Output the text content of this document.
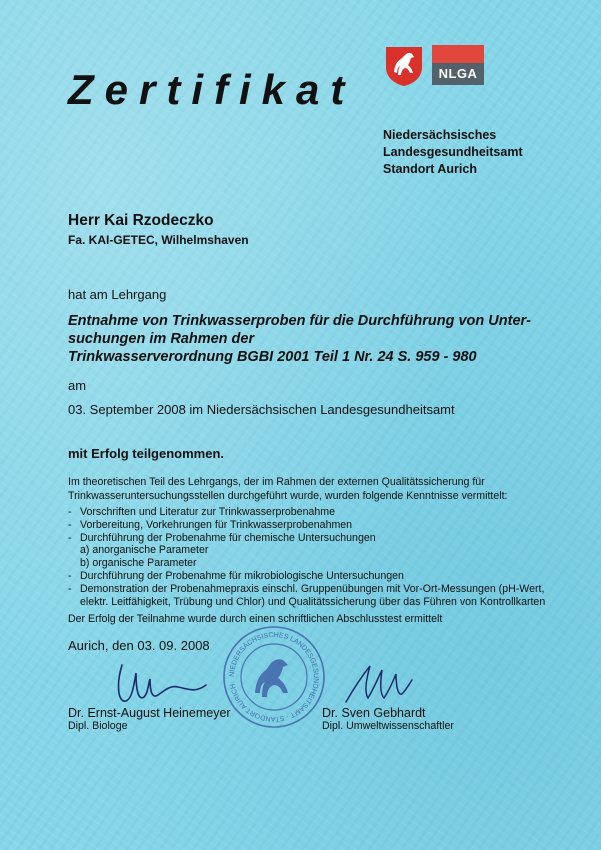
NLGA
Zertifikat
Niedersächsisches
Landesgesundheitsamt
Standort Aurich
Herr Kai Rzodeczko
Fa. KAI-GETEC, Wilhelmshaven
hat am Lehrgang
Entnahme von Trinkwasserproben für die Durchführung von Unter-
suchungen im Rahmen der
Trinkwasserverordnung BGBI 2001 Teil 1 Nr. 24 S. 959 - 980
am
03. September 2008 im Niedersächsischen Landesgesundheitsamt
mit Erfolg teilgenommen.
Im theoretischen Teil des Lehrgangs, der im Rahmen der externen Qualitätssicherung für
Trinkwasseruntersuchungsstellen durchgeführt wurde, wurden folgende Kenntnisse vermittelt:
- Vorschriften und Literatur zur Trinkwasserprobenahme
- Vorbereitung, Vorkehrungen für Trinkwasserprobenahmen
- Durchführung der Probenahme für chemische Untersuchungen
a) anorganische Parameter
b) organische Parameter
- Durchführung der Probenahme für mikrobiologische Untersuchungen
- Demonstration der Probenahmepraxis einschl. Gruppenübungen mit Vor-Ort-Messungen (pH-Wert,
elektr. Leitfähigkeit, Trübung und Chlor) und Qualitätssicherung über das Führen von Kontrollkarten
Der Erfolg der Teilnahme wurde durch einen schriftlichen Abschlusstest ermittelt
Aurich, den 03. 09. 2008
NIEDERSÄCHSISCHES LANDESGESUNDHEITSAMT · STANDORT AURICH
Dr. Ernst-August Heinemeyer
Dipl. Biologe
Dr. Sven Gebhardt
Dipl. Umweltwissenschaftler
